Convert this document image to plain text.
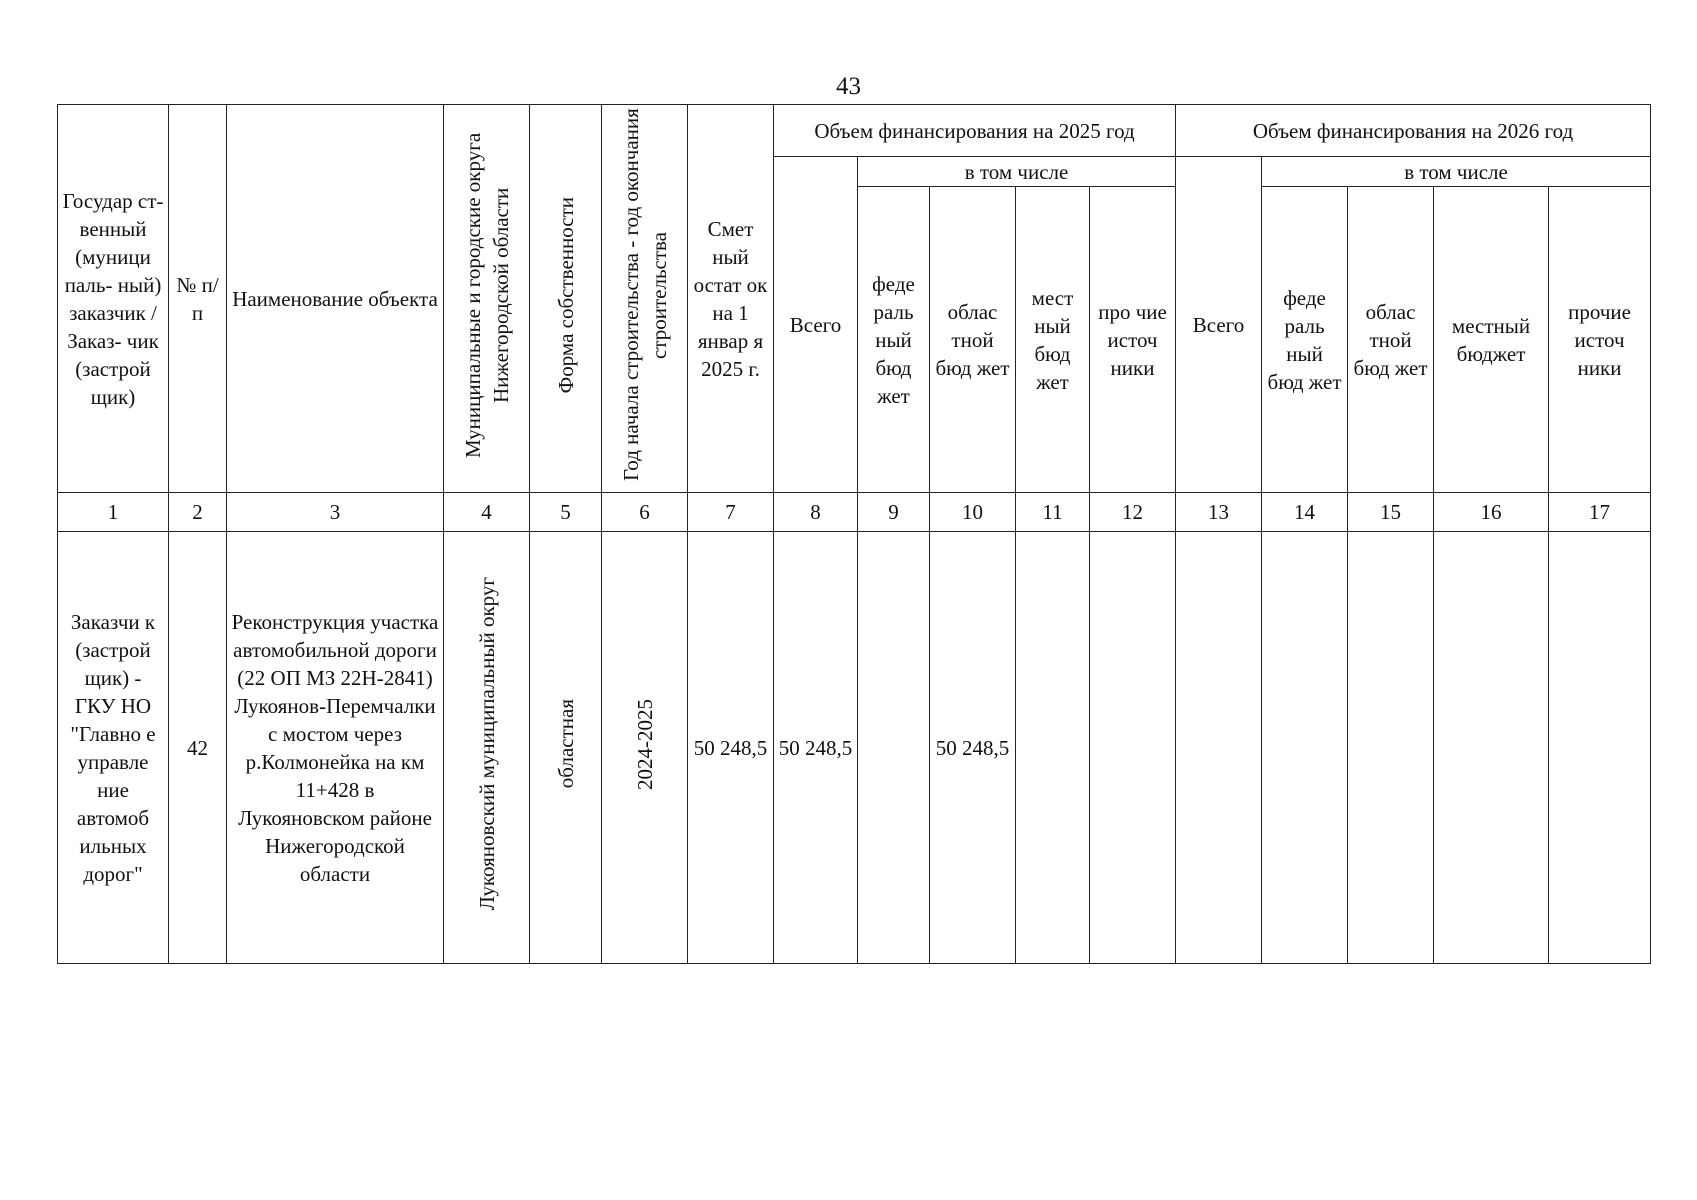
43
Государ ст- венный (муници паль- ный) заказчик / Заказ- чик (застрой щик)	№ п/п	Наименование объекта	Муниципальные и городские округа Нижегородской области	Форма собственности	Год начала строительства - год окончания строительства	Смет ный остат ок на 1 январ я 2025 г.	Объем финансирования на 2025 год					Объем финансирования на 2026 год				
							Всего	в том числе				Всего	в том числе			
								феде раль ный бюд жет	облас тной бюд жет	мест ный бюд жет	про чие источ ники		феде раль ный бюд жет	облас тной бюд жет	местный бюджет	прочие источ ники
1	2	3	4	5	6	7	8	9	10	11	12	13	14	15	16	17
Заказчи к (застрой щик) - ГКУ НО "Главно е управле ние автомоб ильных дорог"	42	Реконструкция участка автомобильной дороги (22 ОП МЗ 22Н-2841) Лукоянов-Перемчалки с мостом через р.Колмонейка на км 11+428 в Лукояновском районе Нижегородской области	Лукояновский муниципальный округ	областная	2024-2025	50 248,5	50 248,5		50 248,5							
